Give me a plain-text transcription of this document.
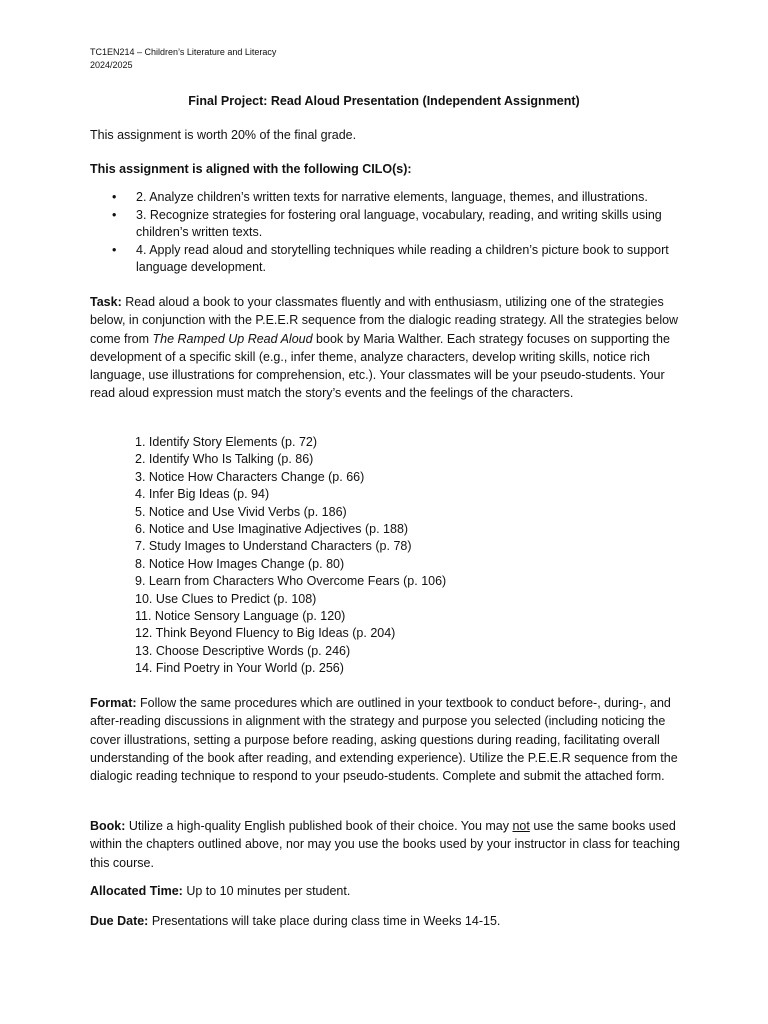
TC1EN214 – Children’s Literature and Literacy
2024/2025
Final Project: Read Aloud Presentation (Independent Assignment)
This assignment is worth 20% of the final grade.
This assignment is aligned with the following CILO(s):
• 2. Analyze children’s written texts for narrative elements, language, themes, and illustrations.
• 3. Recognize strategies for fostering oral language, vocabulary, reading, and writing skills using children’s written texts.
• 4. Apply read aloud and storytelling techniques while reading a children’s picture book to support language development.
Task: Read aloud a book to your classmates fluently and with enthusiasm, utilizing one of the strategies below, in conjunction with the P.E.E.R sequence from the dialogic reading strategy. All the strategies below come from The Ramped Up Read Aloud book by Maria Walther. Each strategy focuses on supporting the development of a specific skill (e.g., infer theme, analyze characters, develop writing skills, notice rich language, use illustrations for comprehension, etc.). Your classmates will be your pseudo-students. Your read aloud expression must match the story’s events and the feelings of the characters.
1. Identify Story Elements (p. 72)
2. Identify Who Is Talking (p. 86)
3. Notice How Characters Change (p. 66)
4. Infer Big Ideas (p. 94)
5. Notice and Use Vivid Verbs (p. 186)
6. Notice and Use Imaginative Adjectives (p. 188)
7. Study Images to Understand Characters (p. 78)
8. Notice How Images Change (p. 80)
9. Learn from Characters Who Overcome Fears (p. 106)
10. Use Clues to Predict (p. 108)
11. Notice Sensory Language (p. 120)
12. Think Beyond Fluency to Big Ideas (p. 204)
13. Choose Descriptive Words (p. 246)
14. Find Poetry in Your World (p. 256)
Format: Follow the same procedures which are outlined in your textbook to conduct before-, during-, and after-reading discussions in alignment with the strategy and purpose you selected (including noticing the cover illustrations, setting a purpose before reading, asking questions during reading, facilitating overall understanding of the book after reading, and extending experience). Utilize the P.E.E.R sequence from the dialogic reading technique to respond to your pseudo-students. Complete and submit the attached form.
Book: Utilize a high-quality English published book of their choice. You may not use the same books used within the chapters outlined above, nor may you use the books used by your instructor in class for teaching this course.
Allocated Time: Up to 10 minutes per student.
Due Date: Presentations will take place during class time in Weeks 14-15.
